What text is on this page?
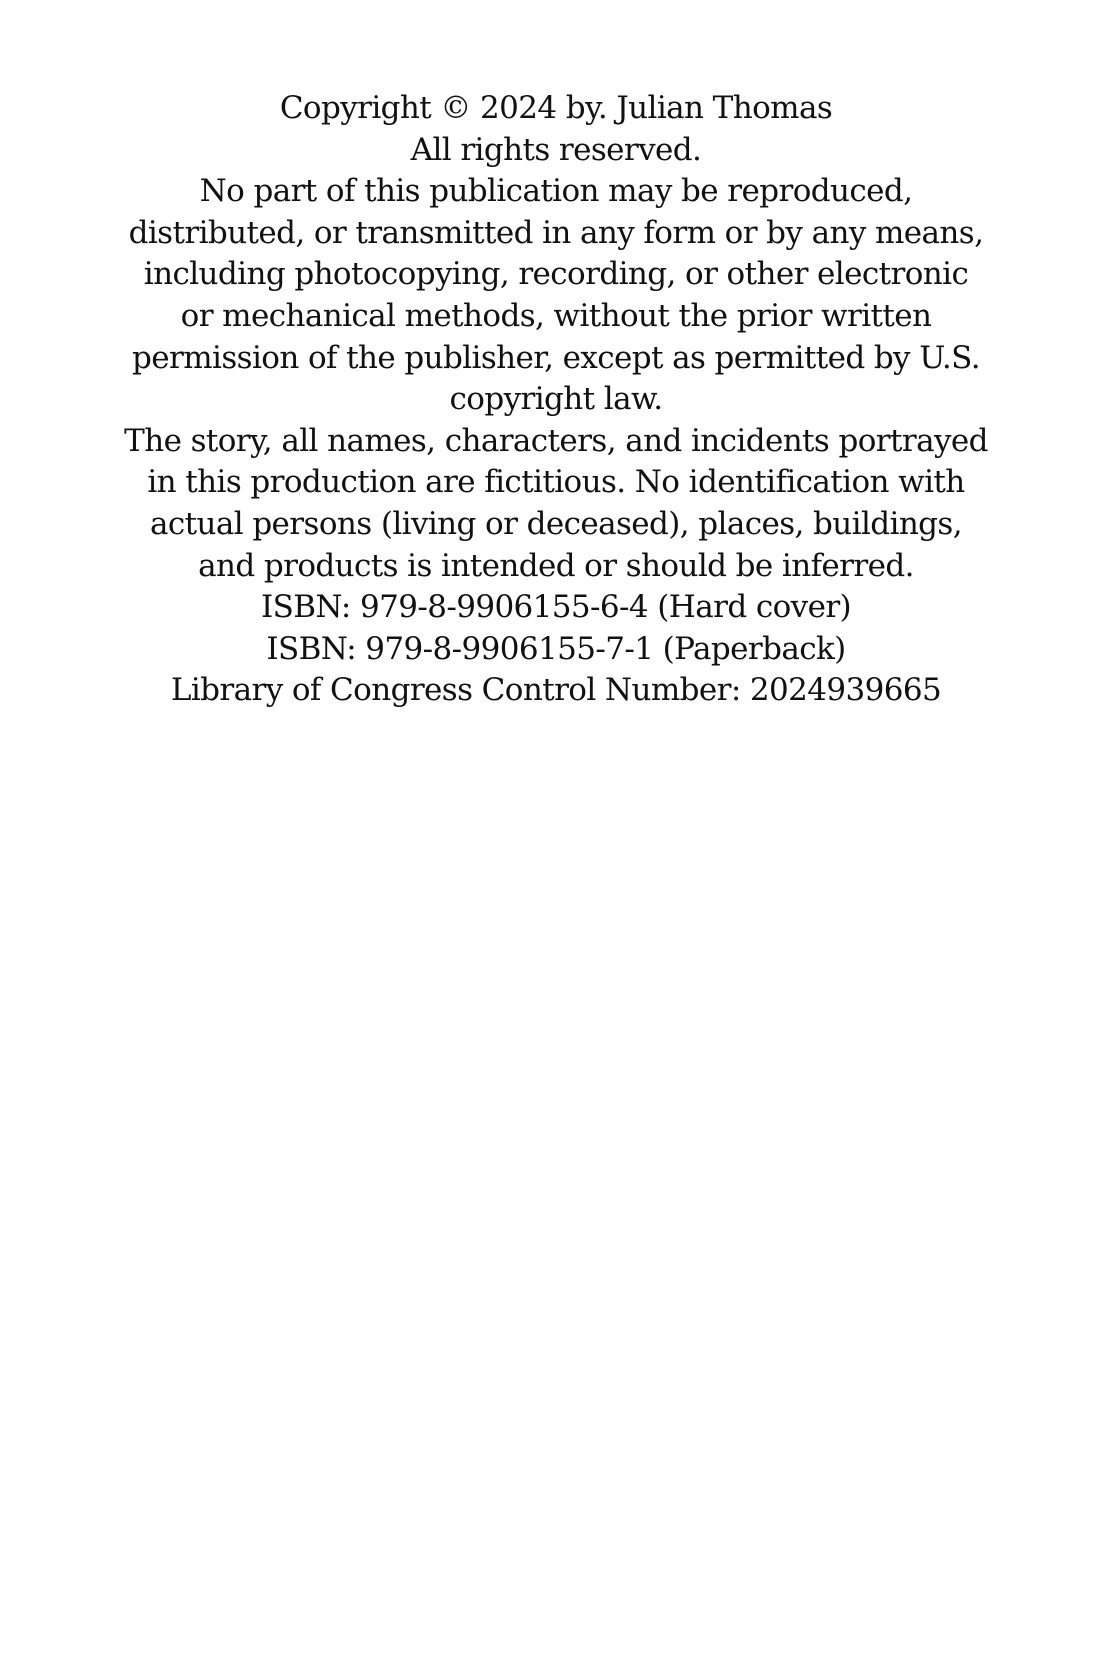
Copyright © 2024 by. Julian Thomas
All rights reserved.
No part of this publication may be reproduced,
distributed, or transmitted in any form or by any means,
including photocopying, recording, or other electronic
or mechanical methods, without the prior written
permission of the publisher, except as permitted by U.S.
copyright law.
The story, all names, characters, and incidents portrayed
in this production are fictitious. No identification with
actual persons (living or deceased), places, buildings,
and products is intended or should be inferred.
ISBN: 979-8-9906155-6-4 (Hard cover)
ISBN: 979-8-9906155-7-1 (Paperback)
Library of Congress Control Number: 2024939665
